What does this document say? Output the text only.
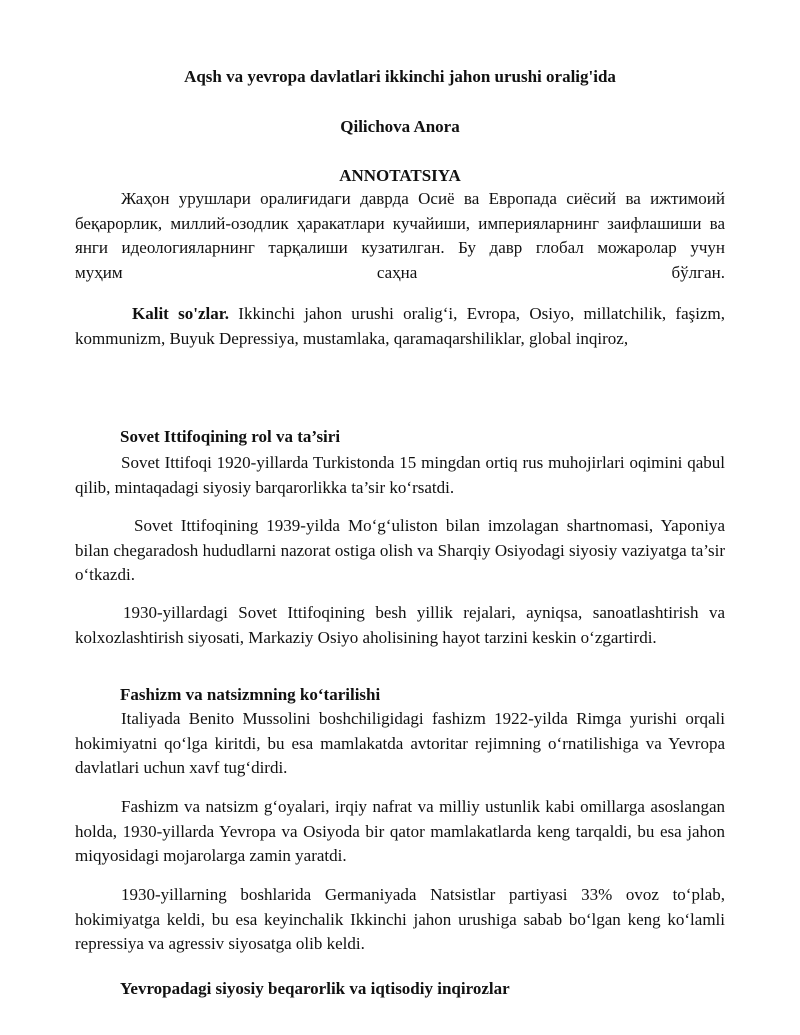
Aqsh va yevropa davlatlari ikkinchi jahon urushi oralig'ida
Qilichova Anora
ANNOTATSIYA

Жаҳон урушлари оралиғидаги даврда Осиё ва Европада сиёсий ва ижтимоий беқарорлик, миллий-озодлик ҳаракатлари кучайиши, империяларнинг заифлашиши ва янги идеологияларнинг тарқалиши кузатилган. Бу давр глобал можаролар учун

муҳим	саҳна	бўлган.

Kalit so'zlar. Ikkinchi jahon urushi oralig‘i, Evropa, Osiyo, millatchilik, faşizm, kommunizm, Buyuk Depressiya, mustamlaka, qaramaqarshiliklar, global inqiroz,

Sovet Ittifoqining rol va ta’siri

Sovet Ittifoqi 1920-yillarda Turkistonda 15 mingdan ortiq rus muhojirlari oqimini qabul qilib, mintaqadagi siyosiy barqarorlikka ta’sir ko‘rsatdi.

Sovet Ittifoqining 1939-yilda Mo‘g‘uliston bilan imzolagan shartnomasi, Yaponiya bilan chegaradosh hududlarni nazorat ostiga olish va Sharqiy Osiyodagi siyosiy vaziyatga ta’sir o‘tkazdi.

1930-yillardagi Sovet Ittifoqining besh yillik rejalari, ayniqsa, sanoatlashtirish va kolxozlashtirish siyosati, Markaziy Osiyo aholisining hayot tarzini keskin o‘zgartirdi.

Fashizm va natsizmning ko‘tarilishi

Italiyada Benito Mussolini boshchiligidagi fashizm 1922-yilda Rimga yurishi orqali hokimiyatni qo‘lga kiritdi, bu esa mamlakatda avtoritar rejimning o‘rnatilishiga va Yevropa davlatlari uchun xavf tug‘dirdi.

Fashizm va natsizm g‘oyalari, irqiy nafrat va milliy ustunlik kabi omillarga asoslangan holda, 1930-yillarda Yevropa va Osiyoda bir qator mamlakatlarda keng tarqaldi, bu esa jahon miqyosidagi mojarolarga zamin yaratdi.

1930-yillarning boshlarida Germaniyada Natsistlar partiyasi 33% ovoz to‘plab, hokimiyatga keldi, bu esa keyinchalik Ikkinchi jahon urushiga sabab bo‘lgan keng ko‘lamli repressiya va agressiv siyosatga olib keldi.

Yevropadagi siyosiy beqarorlik va iqtisodiy inqirozlar
